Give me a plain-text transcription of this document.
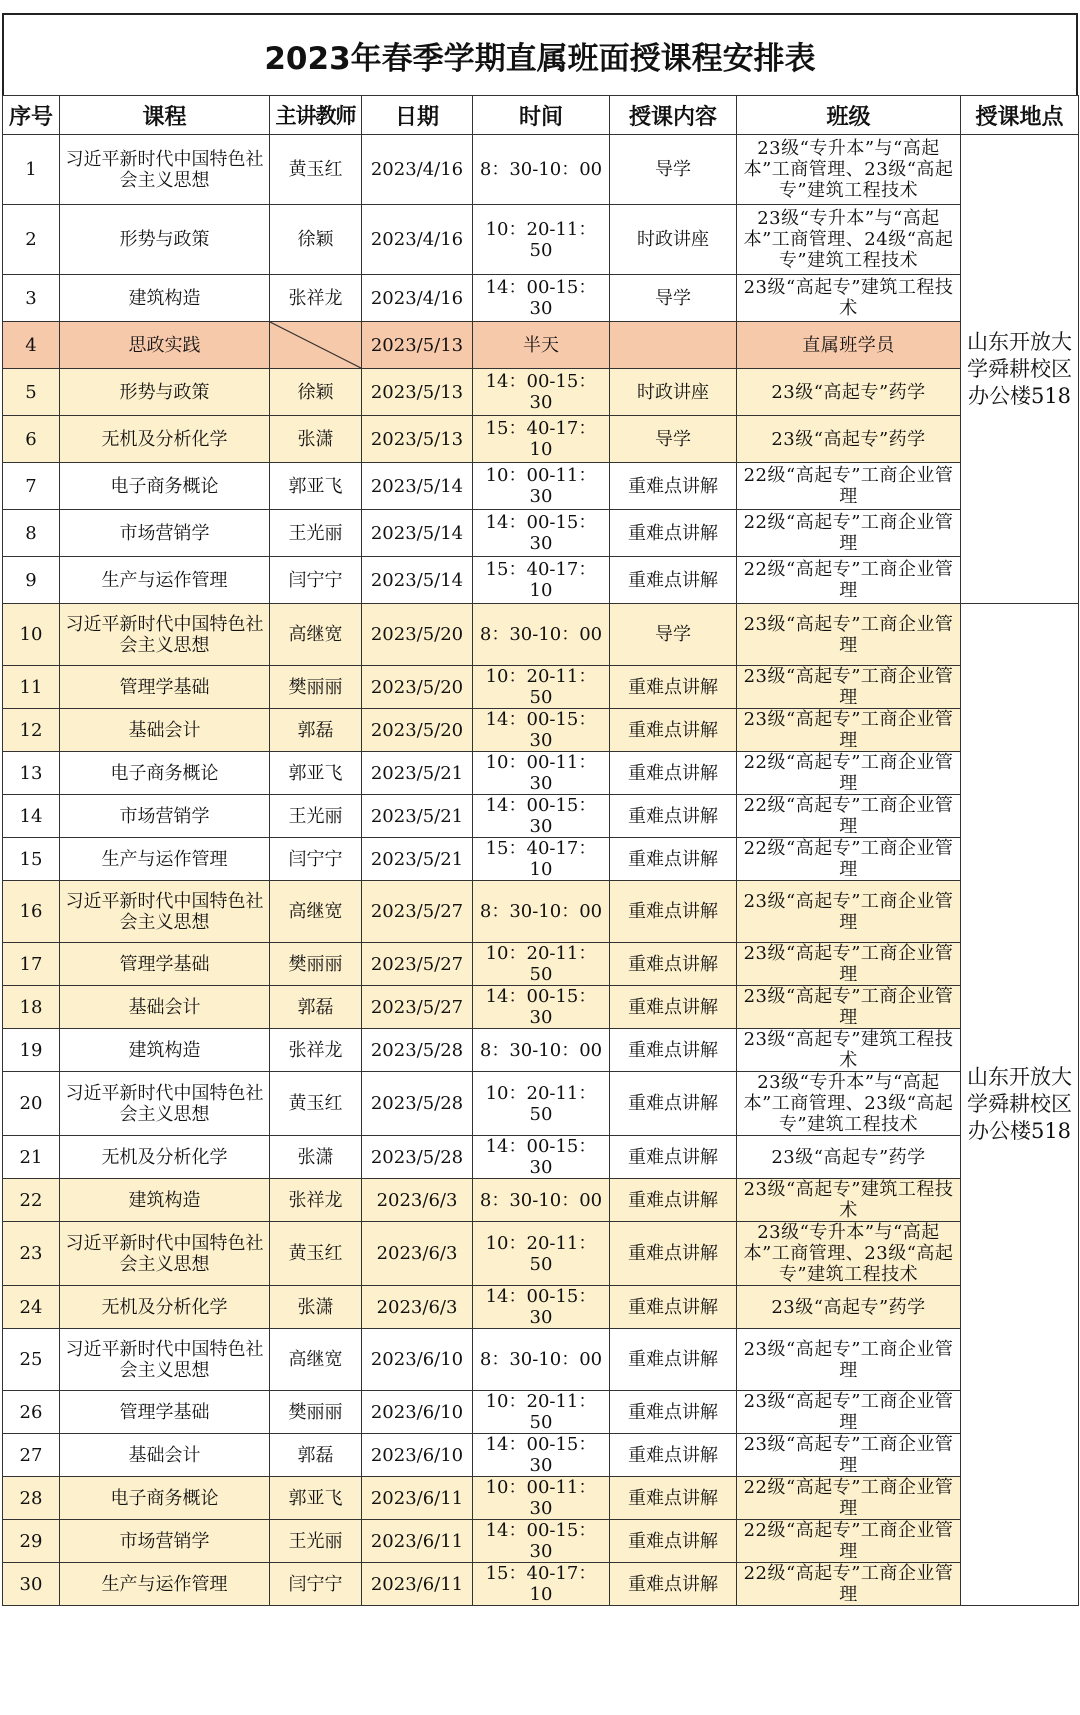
2023年春季学期直属班面授课程安排表
序号	课程	主讲教师	日期	时间	授课内容	班级	授课地点
1	习近平新时代中国特色社会主义思想	黄玉红	2023/4/16	8：30-10：00	导学	23级“专升本”与“高起本”工商管理、23级“高起专”建筑工程技术	山东开放大学舜耕校区办公楼518
2	形势与政策	徐颖	2023/4/16	10：20-11：50	时政讲座	23级“专升本”与“高起本”工商管理、24级“高起专”建筑工程技术	
3	建筑构造	张祥龙	2023/4/16	14：00-15：30	导学	23级“高起专”建筑工程技术	
4	思政实践		2023/5/13	半天		直属班学员	
5	形势与政策	徐颖	2023/5/13	14：00-15：30	时政讲座	23级“高起专”药学	
6	无机及分析化学	张潇	2023/5/13	15：40-17：10	导学	23级“高起专”药学	
7	电子商务概论	郭亚飞	2023/5/14	10：00-11：30	重难点讲解	22级“高起专”工商企业管理	
8	市场营销学	王光丽	2023/5/14	14：00-15：30	重难点讲解	22级“高起专”工商企业管理	
9	生产与运作管理	闫宁宁	2023/5/14	15：40-17：10	重难点讲解	22级“高起专”工商企业管理	
10	习近平新时代中国特色社会主义思想	高继宽	2023/5/20	8：30-10：00	导学	23级“高起专”工商企业管理	山东开放大学舜耕校区办公楼518
11	管理学基础	樊丽丽	2023/5/20	10：20-11：50	重难点讲解	23级“高起专”工商企业管理	
12	基础会计	郭磊	2023/5/20	14：00-15：30	重难点讲解	23级“高起专”工商企业管理	
13	电子商务概论	郭亚飞	2023/5/21	10：00-11：30	重难点讲解	22级“高起专”工商企业管理	
14	市场营销学	王光丽	2023/5/21	14：00-15：30	重难点讲解	22级“高起专”工商企业管理	
15	生产与运作管理	闫宁宁	2023/5/21	15：40-17：10	重难点讲解	22级“高起专”工商企业管理	
16	习近平新时代中国特色社会主义思想	高继宽	2023/5/27	8：30-10：00	重难点讲解	23级“高起专”工商企业管理	
17	管理学基础	樊丽丽	2023/5/27	10：20-11：50	重难点讲解	23级“高起专”工商企业管理	
18	基础会计	郭磊	2023/5/27	14：00-15：30	重难点讲解	23级“高起专”工商企业管理	
19	建筑构造	张祥龙	2023/5/28	8：30-10：00	重难点讲解	23级“高起专”建筑工程技术	
20	习近平新时代中国特色社会主义思想	黄玉红	2023/5/28	10：20-11：50	重难点讲解	23级“专升本”与“高起本”工商管理、23级“高起专”建筑工程技术	
21	无机及分析化学	张潇	2023/5/28	14：00-15：30	重难点讲解	23级“高起专”药学	
22	建筑构造	张祥龙	2023/6/3	8：30-10：00	重难点讲解	23级“高起专”建筑工程技术	
23	习近平新时代中国特色社会主义思想	黄玉红	2023/6/3	10：20-11：50	重难点讲解	23级“专升本”与“高起本”工商管理、23级“高起专”建筑工程技术	
24	无机及分析化学	张潇	2023/6/3	14：00-15：30	重难点讲解	23级“高起专”药学	
25	习近平新时代中国特色社会主义思想	高继宽	2023/6/10	8：30-10：00	重难点讲解	23级“高起专”工商企业管理	
26	管理学基础	樊丽丽	2023/6/10	10：20-11：50	重难点讲解	23级“高起专”工商企业管理	
27	基础会计	郭磊	2023/6/10	14：00-15：30	重难点讲解	23级“高起专”工商企业管理	
28	电子商务概论	郭亚飞	2023/6/11	10：00-11：30	重难点讲解	22级“高起专”工商企业管理	
29	市场营销学	王光丽	2023/6/11	14：00-15：30	重难点讲解	22级“高起专”工商企业管理	
30	生产与运作管理	闫宁宁	2023/6/11	15：40-17：10	重难点讲解	22级“高起专”工商企业管理	
